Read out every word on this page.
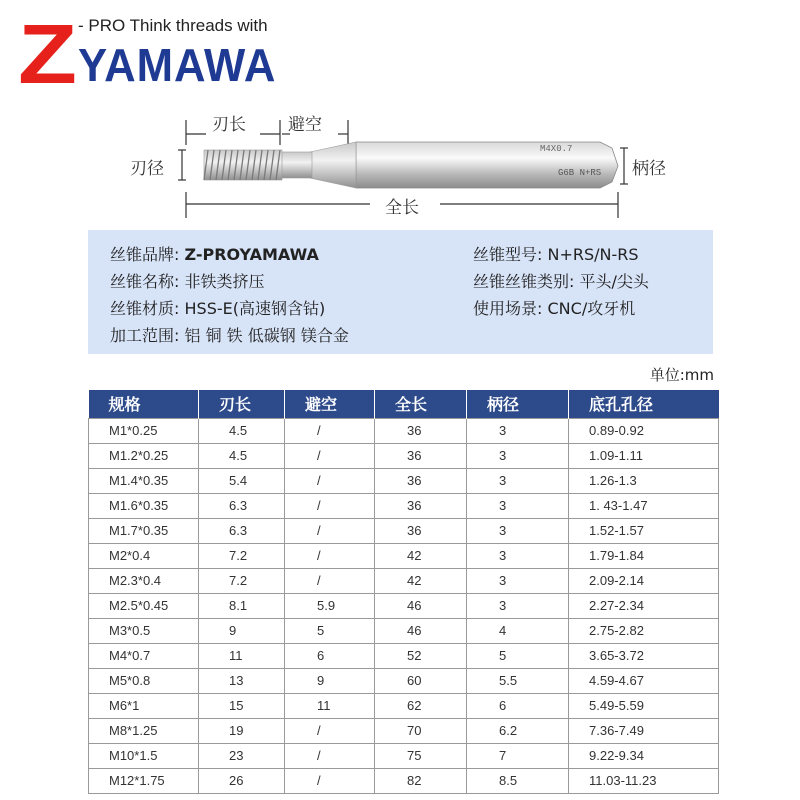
Z - PRO Think threads with
YAMAWA
刃长 避空
刃径	柄径
全长
M4X0.7
G6B N+RS
丝锥品牌: Z-PROYAMAWA	丝锥型号: N+RS/N-RS
丝锥名称: 非铁类挤压	丝锥丝锥类别: 平头/尖头
丝锥材质: HSS-E(高速钢含钴)	使用场景: CNC/攻牙机
加工范围: 铝 铜 铁 低碳钢 镁合金
单位:mm
规格	刃长	避空	全长	柄径	底孔孔径
M1*0.25	4.5	/	36	3	0.89-0.92
M1.2*0.25	4.5	/	36	3	1.09-1.11
M1.4*0.35	5.4	/	36	3	1.26-1.3
M1.6*0.35	6.3	/	36	3	1. 43-1.47
M1.7*0.35	6.3	/	36	3	1.52-1.57
M2*0.4	7.2	/	42	3	1.79-1.84
M2.3*0.4	7.2	/	42	3	2.09-2.14
M2.5*0.45	8.1	5.9	46	3	2.27-2.34
M3*0.5	9	5	46	4	2.75-2.82
M4*0.7	11	6	52	5	3.65-3.72
M5*0.8	13	9	60	5.5	4.59-4.67
M6*1	15	11	62	6	5.49-5.59
M8*1.25	19	/	70	6.2	7.36-7.49
M10*1.5	23	/	75	7	9.22-9.34
M12*1.75	26	/	82	8.5	11.03-11.23
